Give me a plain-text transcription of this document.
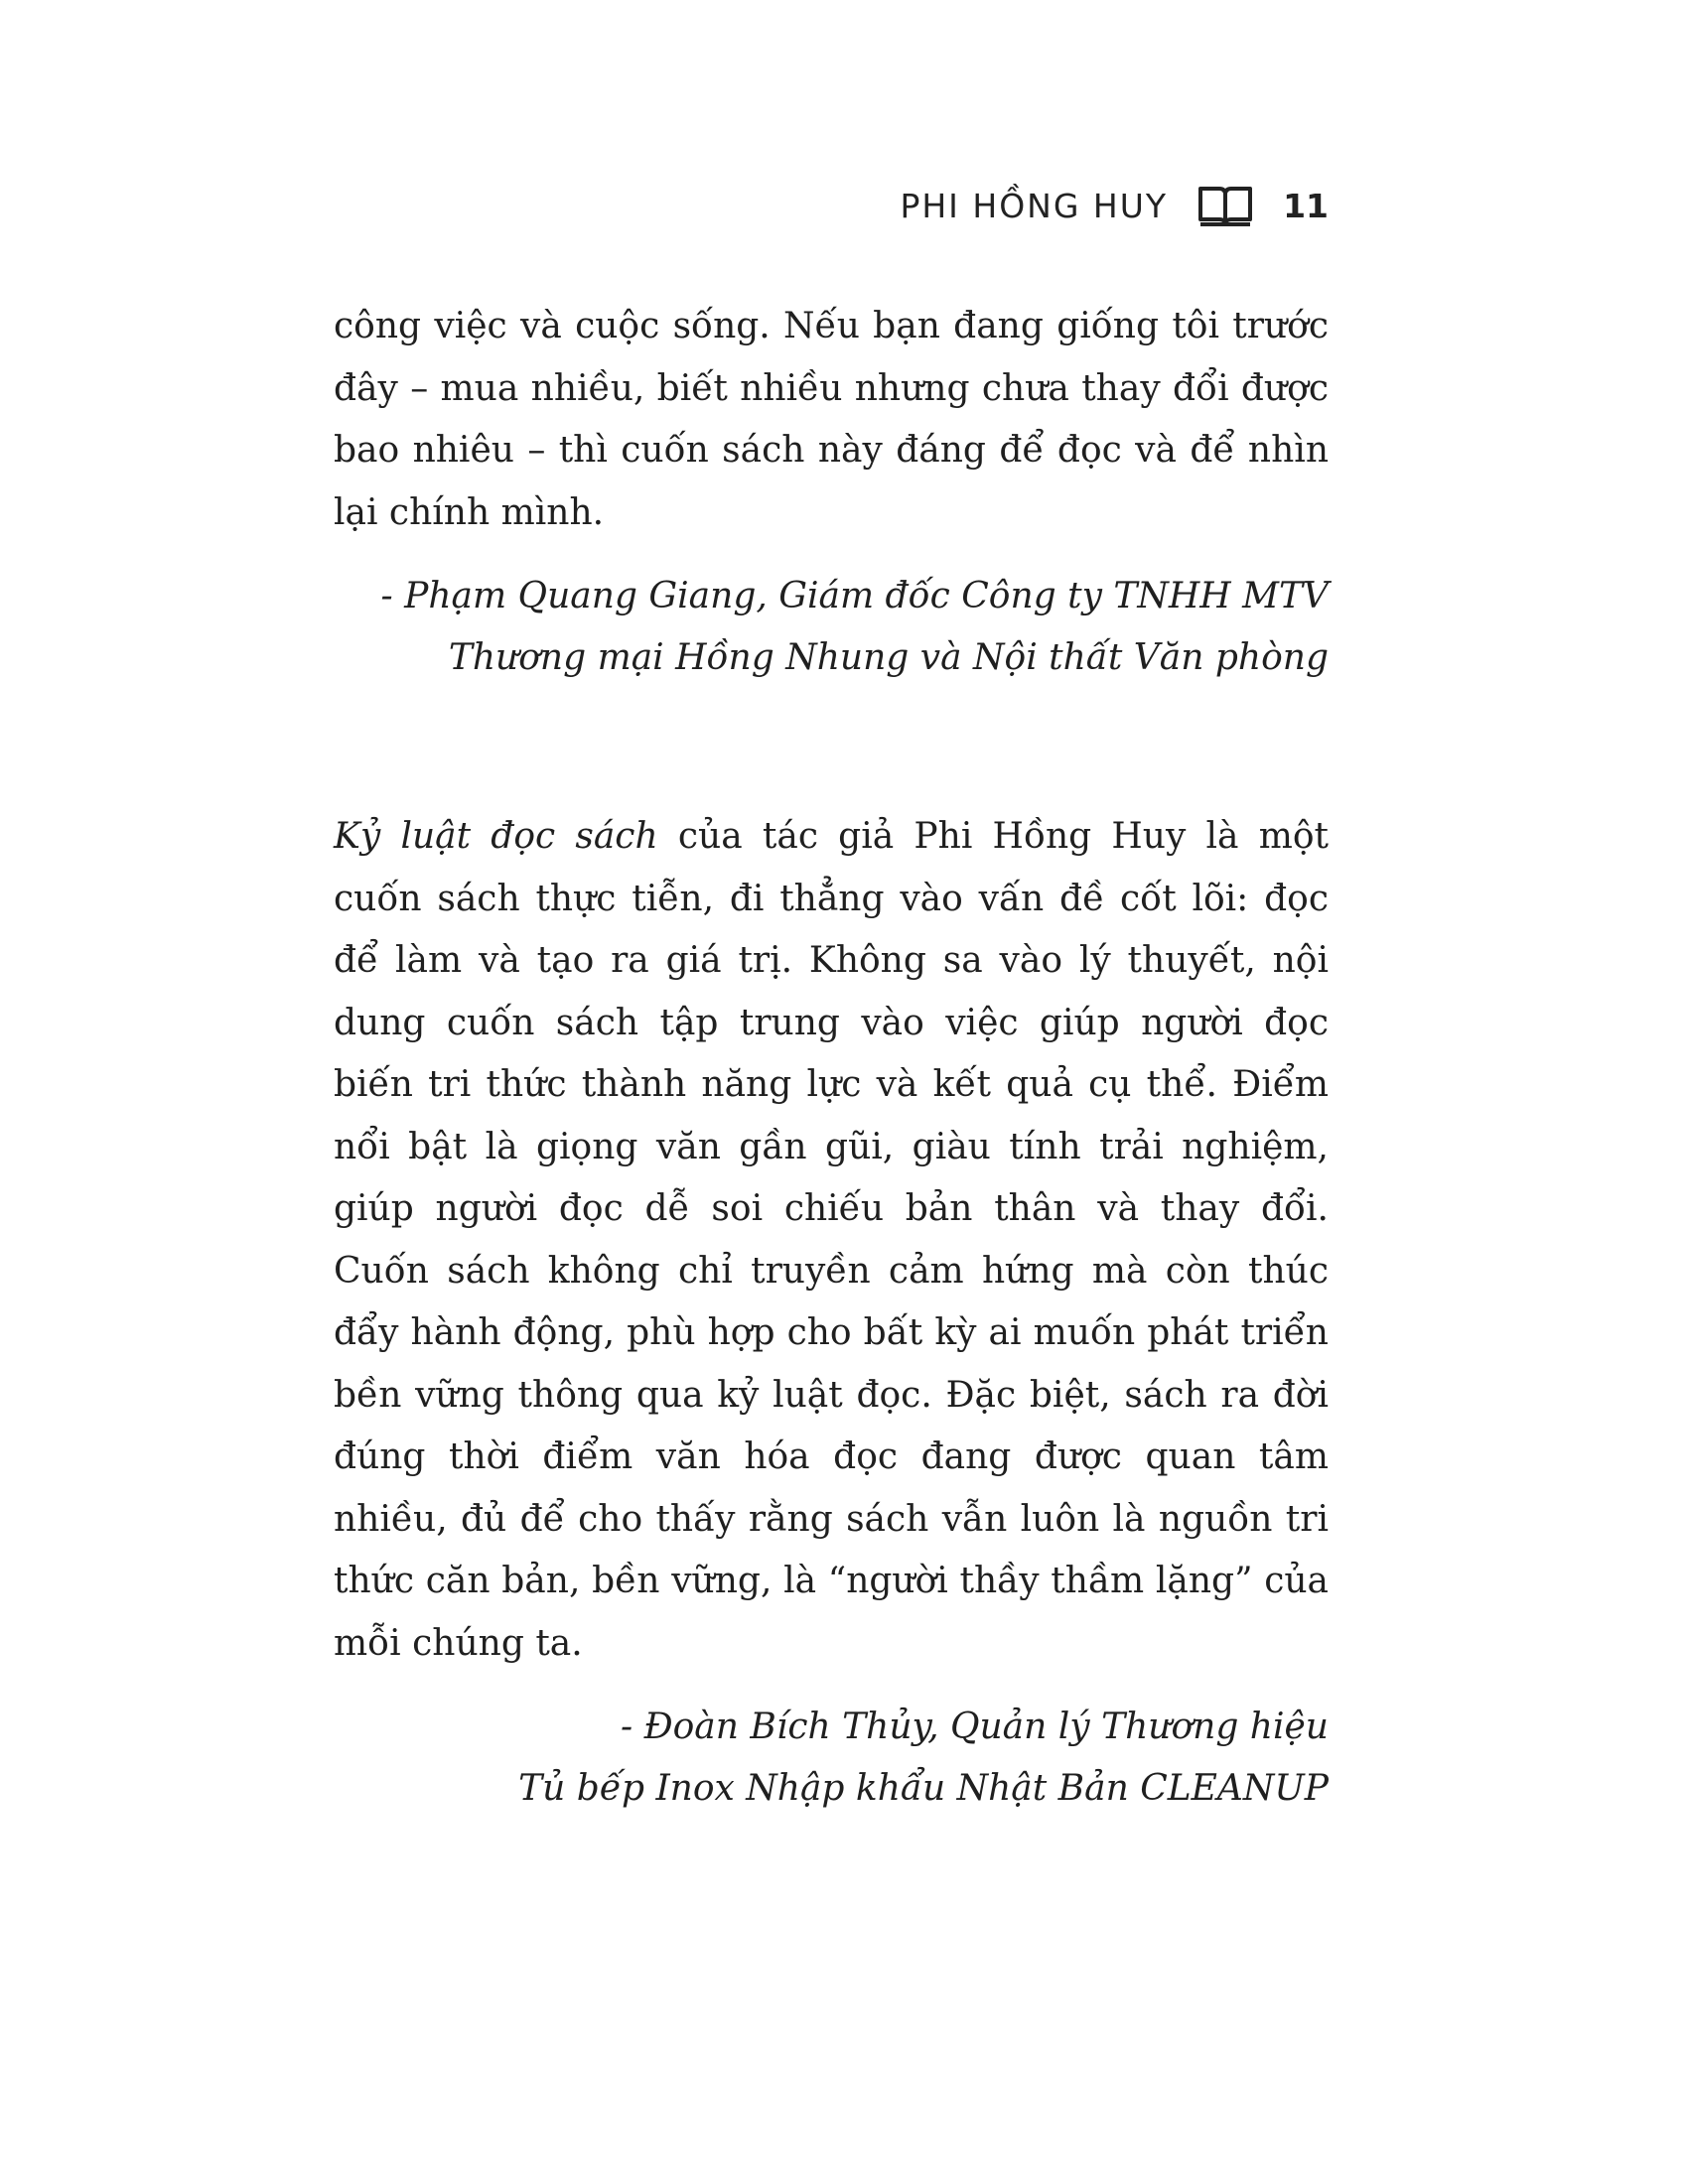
PHI HỒNG HUY	11

công việc và cuộc sống. Nếu bạn đang giống tôi trước đây – mua nhiều, biết nhiều nhưng chưa thay đổi được bao nhiêu – thì cuốn sách này đáng để đọc và để nhìn lại chính mình.

- Phạm Quang Giang, Giám đốc Công ty TNHH MTV
Thương mại Hồng Nhung và Nội thất Văn phòng

Kỷ luật đọc sách của tác giả Phi Hồng Huy là một cuốn sách thực tiễn, đi thẳng vào vấn đề cốt lõi: đọc để làm và tạo ra giá trị. Không sa vào lý thuyết, nội dung cuốn sách tập trung vào việc giúp người đọc biến tri thức thành năng lực và kết quả cụ thể. Điểm nổi bật là giọng văn gần gũi, giàu tính trải nghiệm, giúp người đọc dễ soi chiếu bản thân và thay đổi. Cuốn sách không chỉ truyền cảm hứng mà còn thúc đẩy hành động, phù hợp cho bất kỳ ai muốn phát triển bền vững thông qua kỷ luật đọc. Đặc biệt, sách ra đời đúng thời điểm văn hóa đọc đang được quan tâm nhiều, đủ để cho thấy rằng sách vẫn luôn là nguồn tri thức căn bản, bền vững, là “người thầy thầm lặng” của mỗi chúng ta.

- Đoàn Bích Thủy, Quản lý Thương hiệu
Tủ bếp Inox Nhập khẩu Nhật Bản CLEANUP
